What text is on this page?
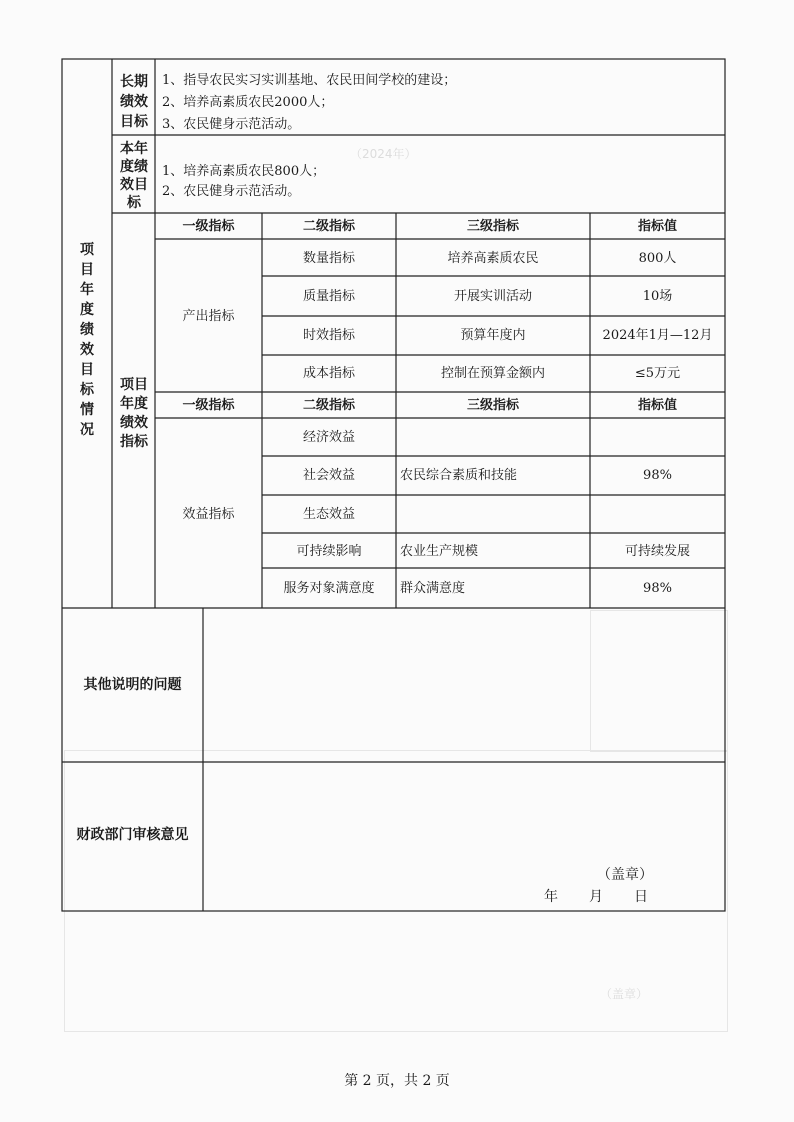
（2024年）
（盖章）
项目年度绩效目标情况
长期绩效目标
1、指导农民实习实训基地、农民田间学校的建设；
2、培养高素质农民2000人；
3、农民健身示范活动。
本年度绩效目标
1、培养高素质农民800人；
2、农民健身示范活动。
项目年度绩效指标
一级指标	二级指标	三级指标	指标值
产出指标
数量指标	培养高素质农民	800人
质量指标	开展实训活动	10场
时效指标	预算年度内	2024年1月—12月
成本指标	控制在预算金额内	≤5万元
一级指标	二级指标	三级指标	指标值
效益指标
经济效益
社会效益	农民综合素质和技能	98%
生态效益
可持续影响	农业生产规模	可持续发展
服务对象满意度	群众满意度	98%
其他说明的问题
财政部门审核意见
（盖章）
年　　月　　日
第 2 页，共 2 页
